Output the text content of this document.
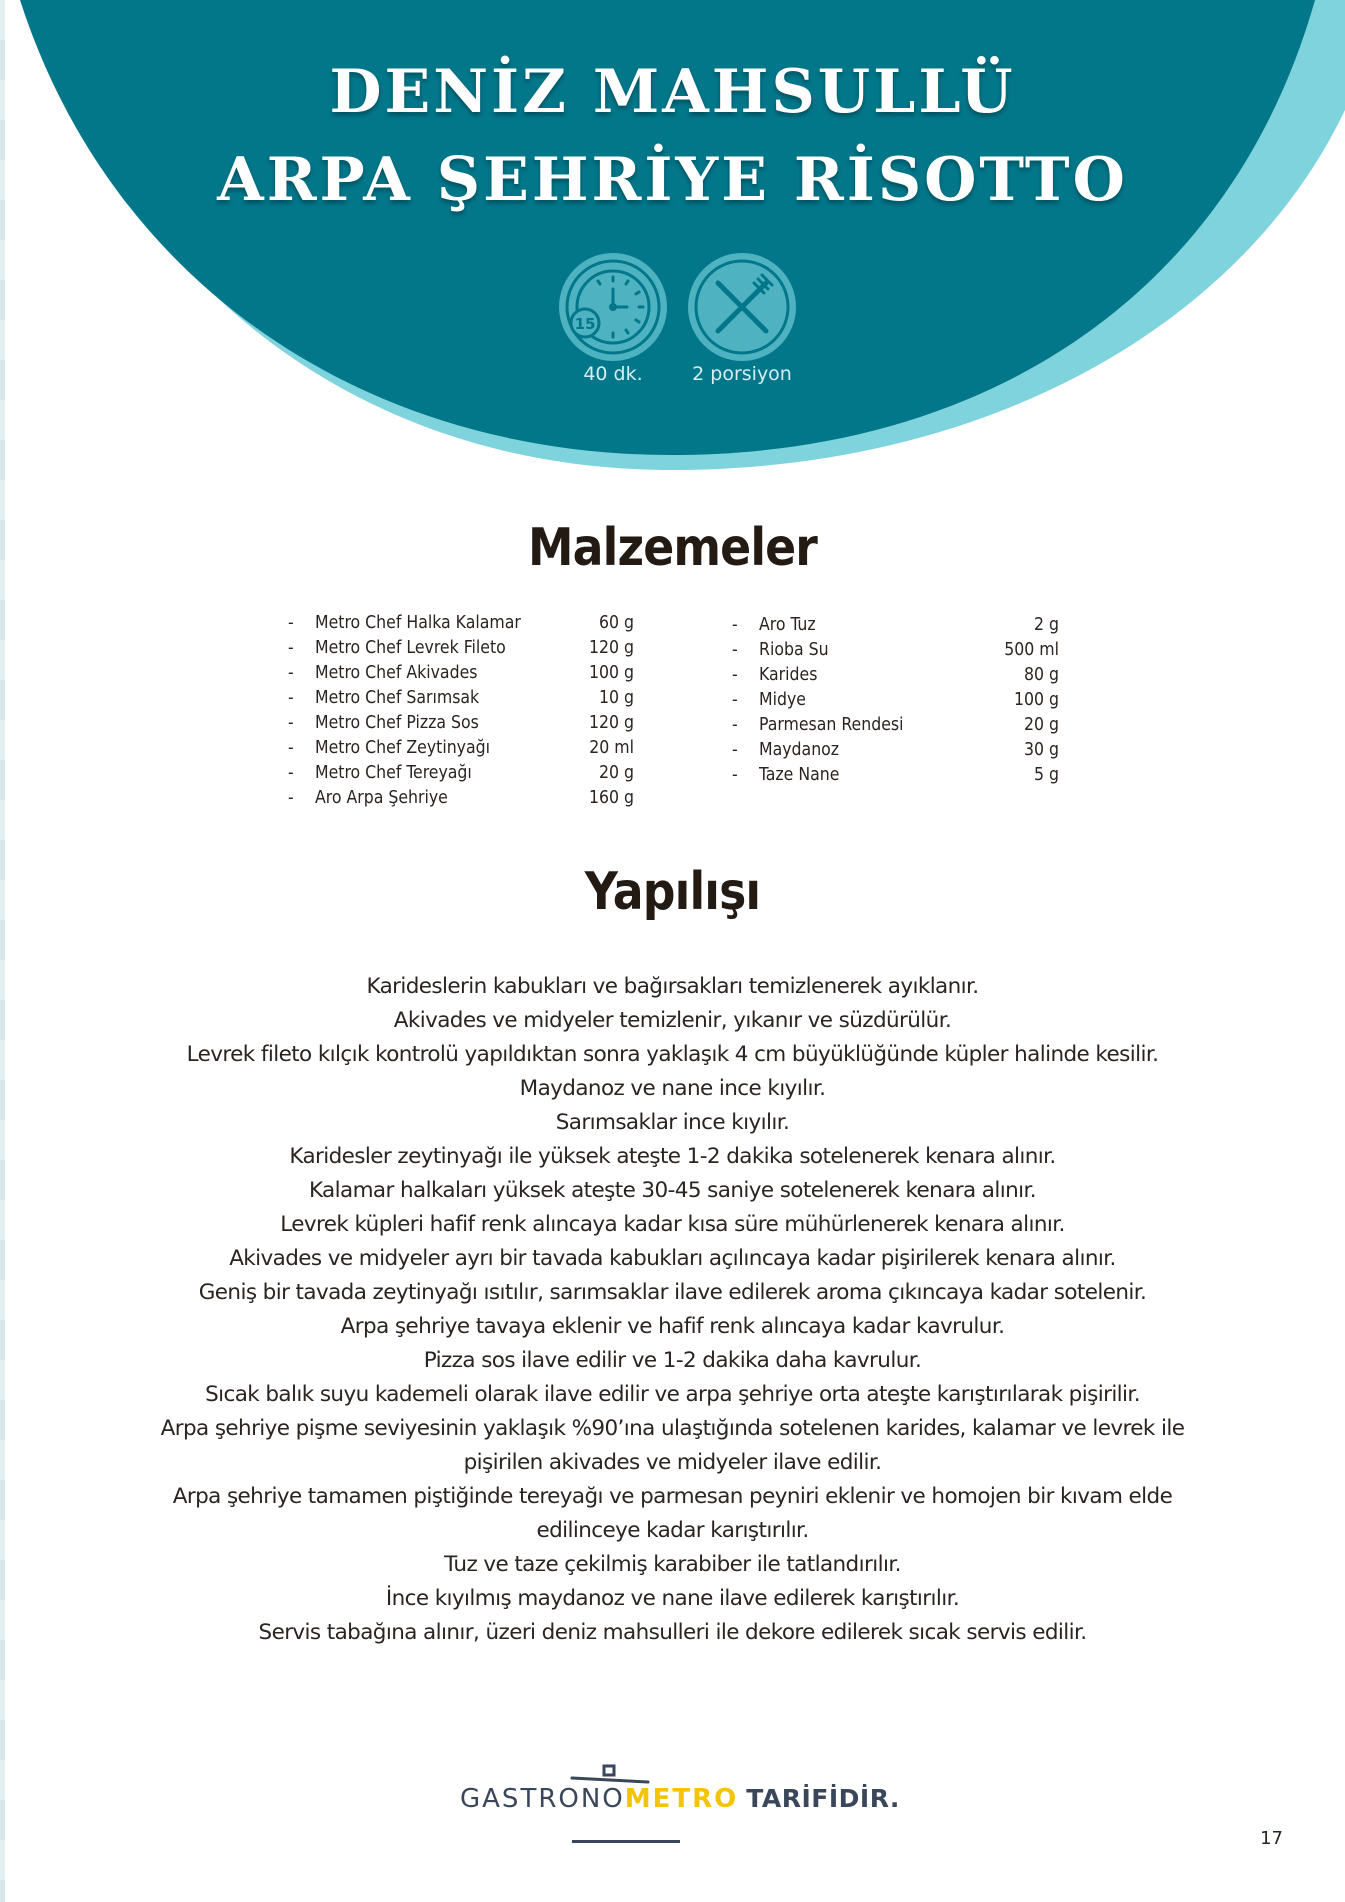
DENİZ MAHSULLÜ
ARPA ŞEHRİYE RİSOTTO
15
40 dk.	2 porsiyon
Malzemeler
- Metro Chef Halka Kalamar	60 g
- Metro Chef Levrek Fileto	120 g
- Metro Chef Akivades	100 g
- Metro Chef Sarımsak	10 g
- Metro Chef Pizza Sos	120 g
- Metro Chef Zeytinyağı	20 ml
- Metro Chef Tereyağı	20 g
- Aro Arpa Şehriye	160 g
- Aro Tuz	2 g
- Rioba Su	500 ml
- Karides	80 g
- Midye	100 g
- Parmesan Rendesi	20 g
- Maydanoz	30 g
- Taze Nane	5 g
Yapılışı

Karideslerin kabukları ve bağırsakları temizlenerek ayıklanır.

Akivades ve midyeler temizlenir, yıkanır ve süzdürülür.

Levrek fileto kılçık kontrolü yapıldıktan sonra yaklaşık 4 cm büyüklüğünde küpler halinde kesilir.

Maydanoz ve nane ince kıyılır.

Sarımsaklar ince kıyılır.

Karidesler zeytinyağı ile yüksek ateşte 1-2 dakika sotelenerek kenara alınır.

Kalamar halkaları yüksek ateşte 30-45 saniye sotelenerek kenara alınır.

Levrek küpleri hafif renk alıncaya kadar kısa süre mühürlenerek kenara alınır.

Akivades ve midyeler ayrı bir tavada kabukları açılıncaya kadar pişirilerek kenara alınır.

Geniş bir tavada zeytinyağı ısıtılır, sarımsaklar ilave edilerek aroma çıkıncaya kadar sotelenir.

Arpa şehriye tavaya eklenir ve hafif renk alıncaya kadar kavrulur.

Pizza sos ilave edilir ve 1-2 dakika daha kavrulur.

Sıcak balık suyu kademeli olarak ilave edilir ve arpa şehriye orta ateşte karıştırılarak pişirilir.

Arpa şehriye pişme seviyesinin yaklaşık %90’ına ulaştığında sotelenen karides, kalamar ve levrek ile pişirilen akivades ve midyeler ilave edilir.

Arpa şehriye tamamen piştiğinde tereyağı ve parmesan peyniri eklenir ve homojen bir kıvam elde edilinceye kadar karıştırılır.

Tuz ve taze çekilmiş karabiber ile tatlandırılır.

İnce kıyılmış maydanoz ve nane ilave edilerek karıştırılır.

Servis tabağına alınır, üzeri deniz mahsulleri ile dekore edilerek sıcak servis edilir.

GASTRONOMETRO TARİFİDİR.
17
